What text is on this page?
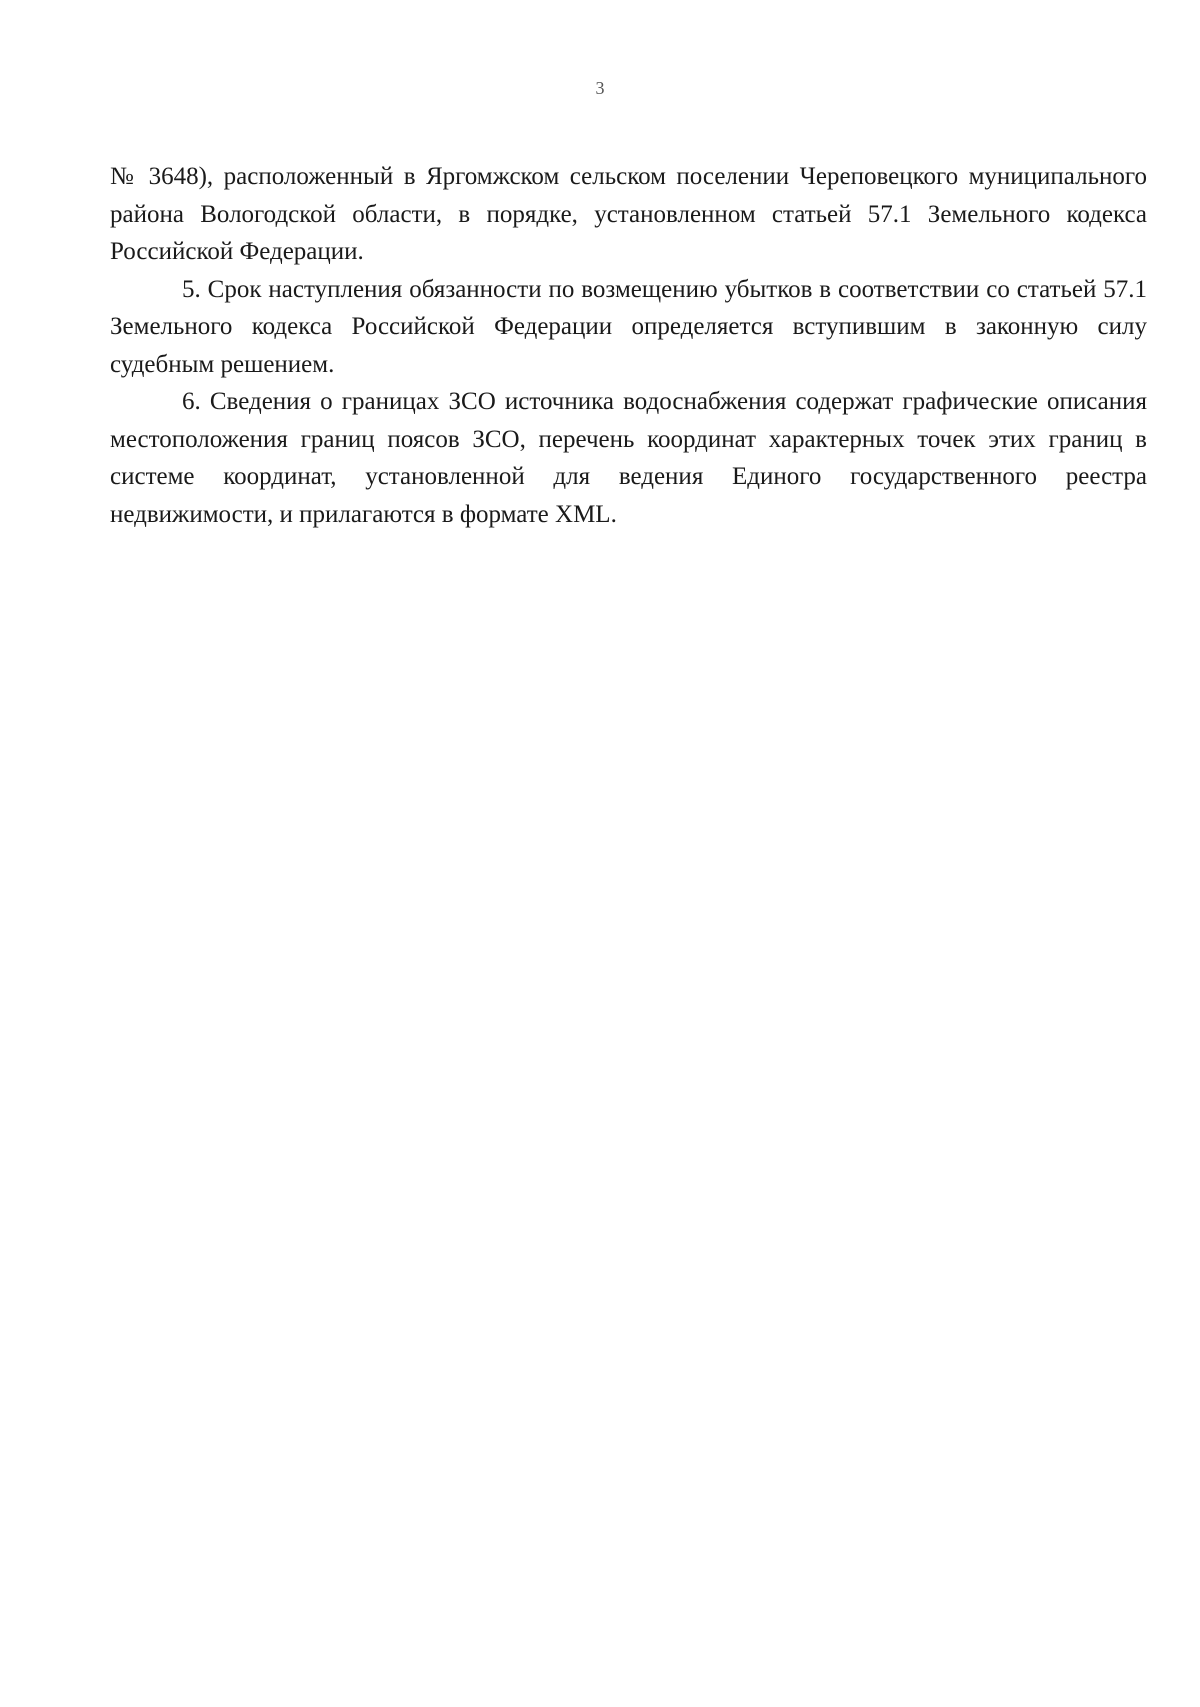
3

№ 3648), расположенный в Яргомжском сельском поселении Череповецкого муниципального района Вологодской области, в порядке, установленном статьей 57.1 Земельного кодекса Российской Федерации.

5. Срок наступления обязанности по возмещению убытков в соответствии со статьей 57.1 Земельного кодекса Российской Федерации определяется вступившим в законную силу судебным решением.

6. Сведения о границах ЗСО источника водоснабжения содержат графические описания местоположения границ поясов ЗСО, перечень координат характерных точек этих границ в системе координат, установленной для ведения Единого государственного реестра недвижимости, и прилагаются в формате XML.
